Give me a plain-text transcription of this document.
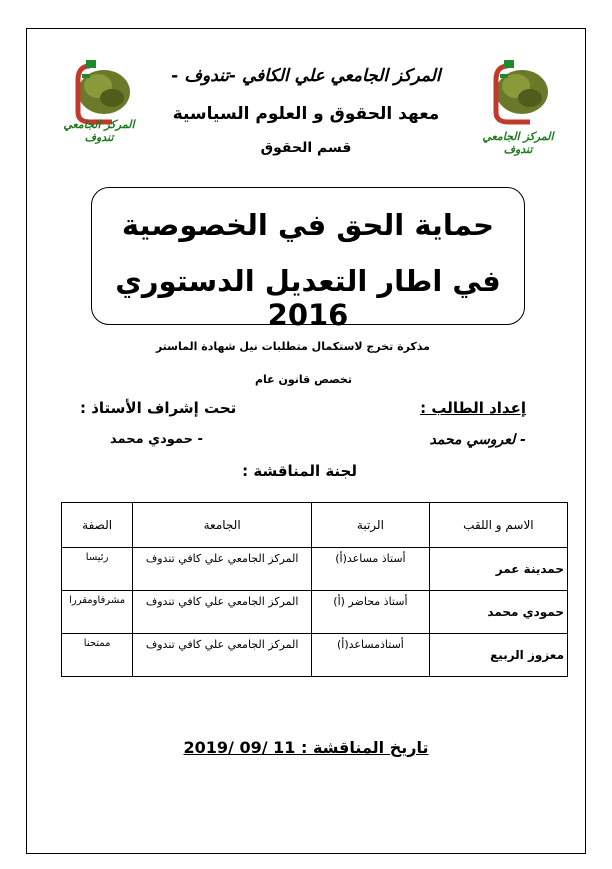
المركز الجامعي تندوف
المركز الجامعي تندوف
المركز الجامعي علي الكافي -تندوف -
معهد الحقوق و العلوم السياسية
قسم الحقوق
حماية الحق في الخصوصية
في اطار التعديل الدستوري 2016
مذكرة تخرج لاستكمال متطلبات نيل شهادة الماستر
تخصص قانون عام
إعداد الطالب :
- لعروسي محمد
تحت إشراف الأستاذ :
- حمودي محمد
لجنة المناقشة :
الاسم و اللقب	الرتبة	الجامعة	الصفة
حمدينة عمر	أستاذ مساعد(أ)	المركز الجامعي علي كافي تندوف	رئيسا
حمودي محمد	أستاذ محاضر (أ)	المركز الجامعي علي كافي تندوف	مشرفاومقررا
معزوز الربيع	أستاذمساعد(أ)	المركز الجامعي علي كافي تندوف	ممتحنا
تاريخ المناقشة : 11 /09 /2019
